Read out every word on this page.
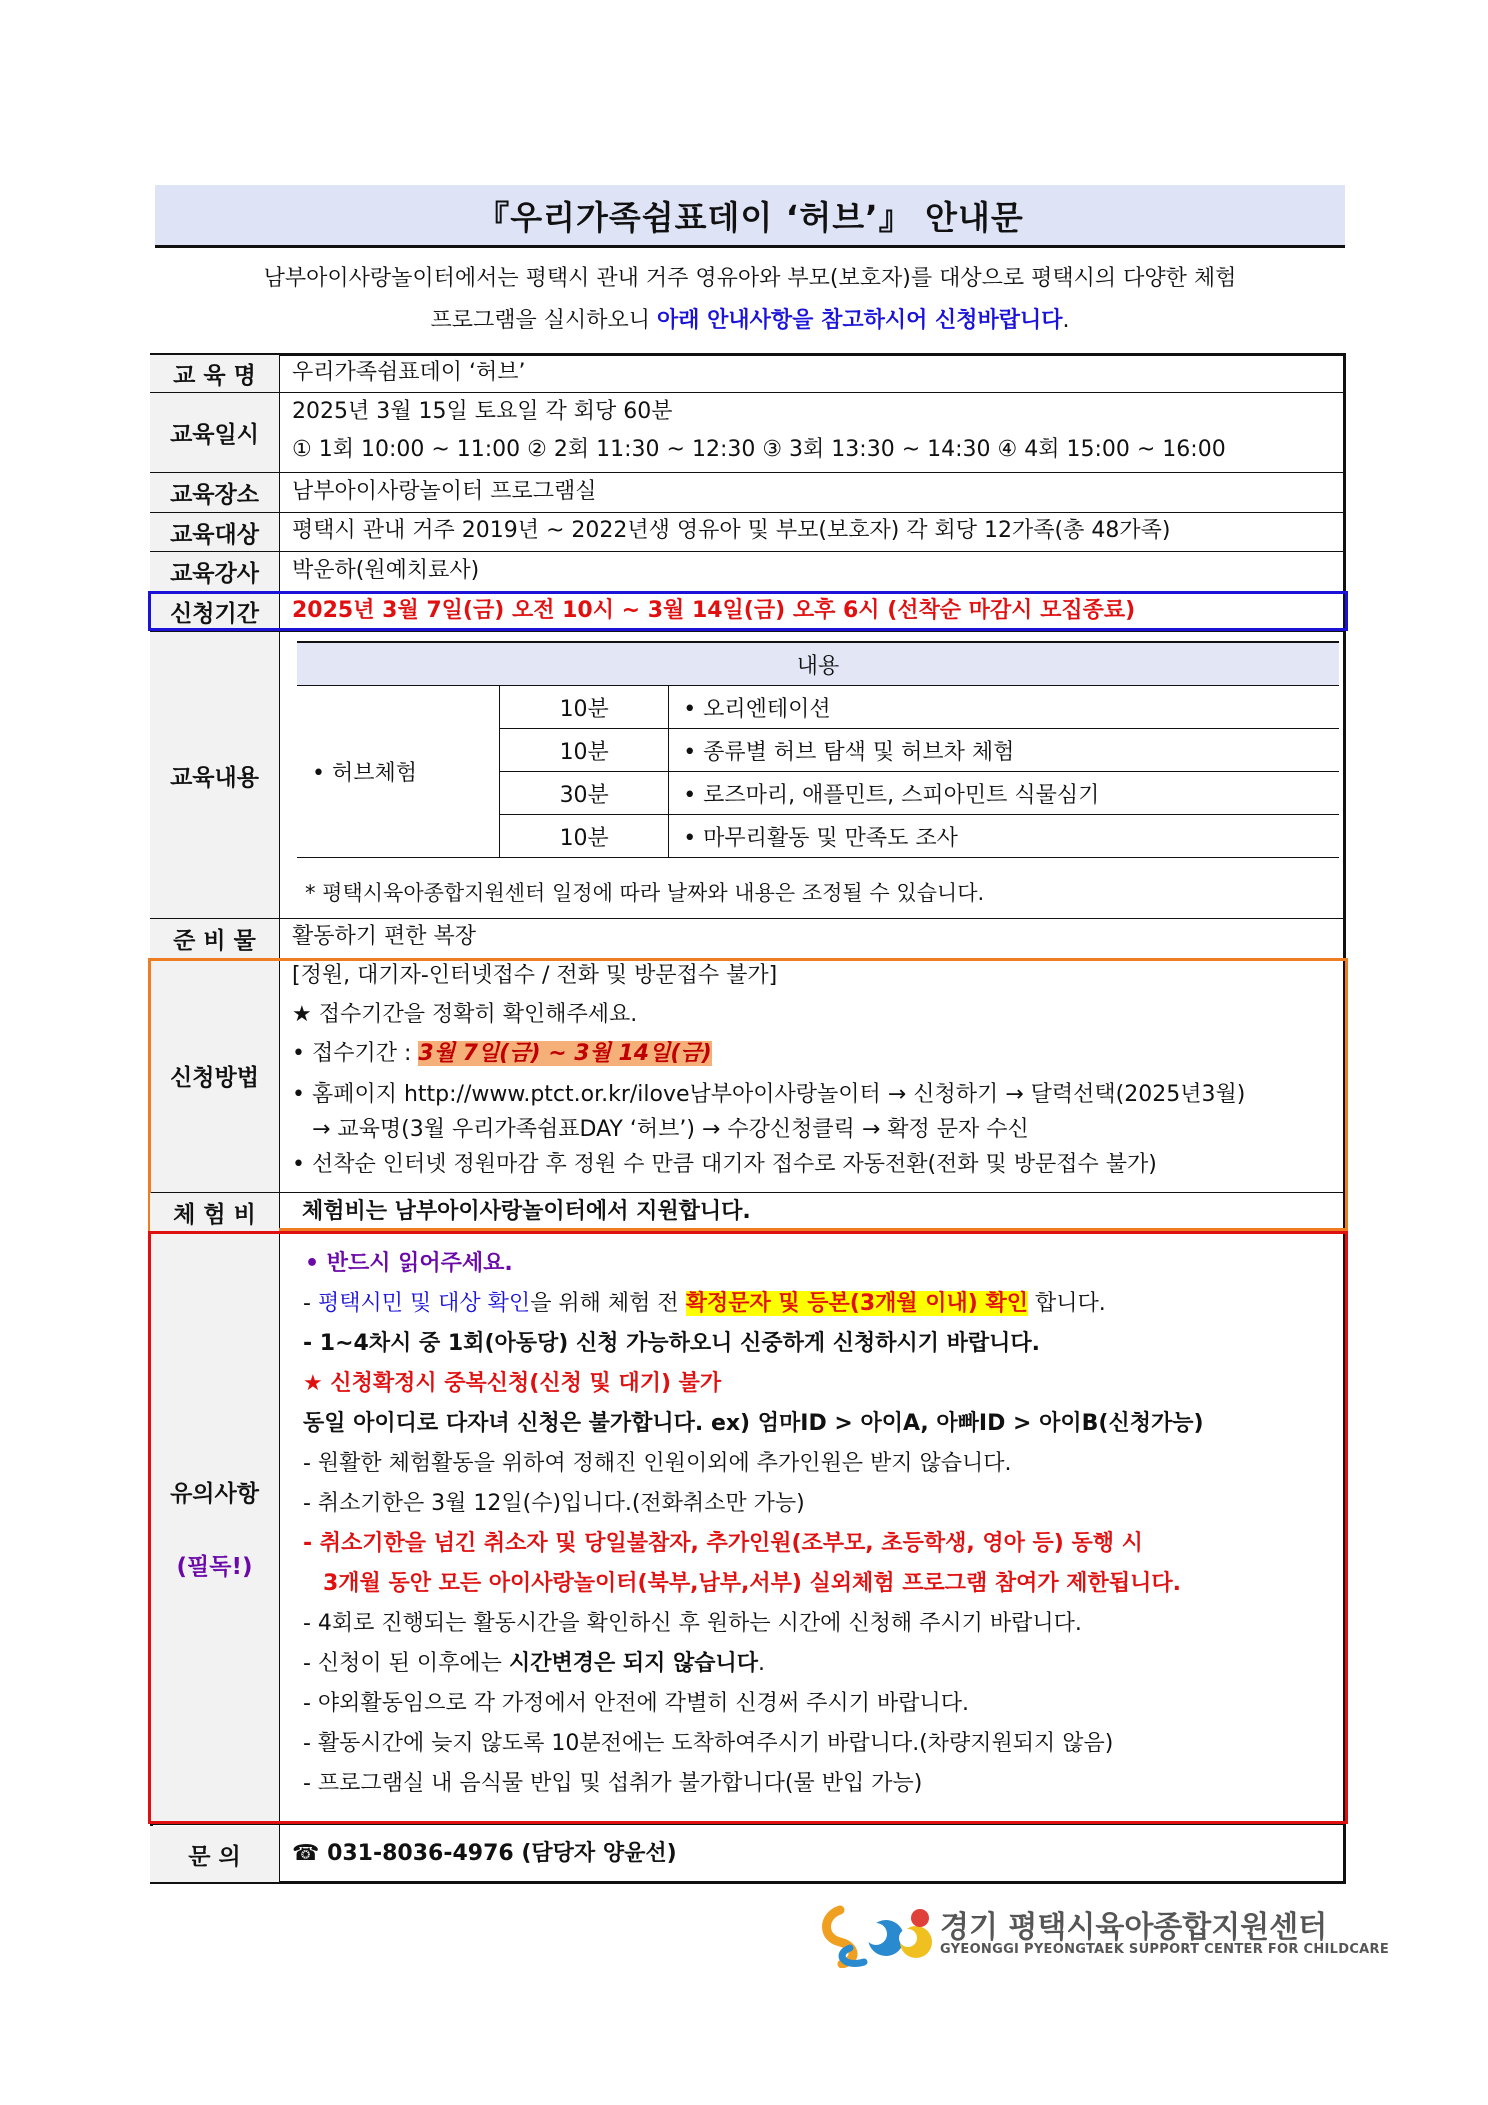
『우리가족쉼표데이 ‘허브’』 안내문
남부아이사랑놀이터에서는 평택시 관내 거주 영유아와 부모(보호자)를 대상으로 평택시의 다양한 체험
프로그램을 실시하오니 아래 안내사항을 참고하시어 신청바랍니다.
교 육 명	우리가족쉼표데이 ‘허브’
교육일시
2025년 3월 15일 토요일 각 회당 60분
① 1회 10:00 ~ 11:00 ② 2회 11:30 ~ 12:30 ③ 3회 13:30 ~ 14:30 ④ 4회 15:00 ~ 16:00
교육장소	남부아이사랑놀이터 프로그램실
교육대상	평택시 관내 거주 2019년 ~ 2022년생 영유아 및 부모(보호자) 각 회당 12가족(총 48가족)
교육강사	박운하(원예치료사)
신청기간	2025년 3월 7일(금) 오전 10시 ~ 3월 14일(금) 오후 6시 (선착순 마감시 모집종료)
교육내용
내용		
• 허브체험	10분	• 오리엔테이션
	10분	• 종류별 허브 탐색 및 허브차 체험
	30분	• 로즈마리, 애플민트, 스피아민트 식물심기
	10분	• 마무리활동 및 만족도 조사
* 평택시육아종합지원센터 일정에 따라 날짜와 내용은 조정될 수 있습니다.
준 비 물	활동하기 편한 복장
신청방법
[정원, 대기자-인터넷접수 / 전화 및 방문접수 불가]
★ 접수기간을 정확히 확인해주세요.
• 접수기간 : 3월 7일(금) ~ 3월 14일(금)
• 홈페이지 http://www.ptct.or.kr/ilove남부아이사랑놀이터 → 신청하기 → 달력선택(2025년3월)
→ 교육명(3월 우리가족쉼표DAY ‘허브’) → 수강신청클릭 → 확정 문자 수신
• 선착순 인터넷 정원마감 후 정원 수 만큼 대기자 접수로 자동전환(전화 및 방문접수 불가)
체 험 비	체험비는 남부아이사랑놀이터에서 지원합니다.
유의사항
(필독!)
• 반드시 읽어주세요.
- 평택시민 및 대상 확인을 위해 체험 전 확정문자 및 등본(3개월 이내) 확인 합니다.
- 1~4차시 중 1회(아동당) 신청 가능하오니 신중하게 신청하시기 바랍니다.
★ 신청확정시 중복신청(신청 및 대기) 불가
동일 아이디로 다자녀 신청은 불가합니다. ex) 엄마ID > 아이A, 아빠ID > 아이B(신청가능)
- 원활한 체험활동을 위하여 정해진 인원이외에 추가인원은 받지 않습니다.
- 취소기한은 3월 12일(수)입니다.(전화취소만 가능)
- 취소기한을 넘긴 취소자 및 당일불참자, 추가인원(조부모, 초등학생, 영아 등) 동행 시
3개월 동안 모든 아이사랑놀이터(북부,남부,서부) 실외체험 프로그램 참여가 제한됩니다.
- 4회로 진행되는 활동시간을 확인하신 후 원하는 시간에 신청해 주시기 바랍니다.
- 신청이 된 이후에는 시간변경은 되지 않습니다.
- 야외활동임으로 각 가정에서 안전에 각별히 신경써 주시기 바랍니다.
- 활동시간에 늦지 않도록 10분전에는 도착하여주시기 바랍니다.(차량지원되지 않음)
- 프로그램실 내 음식물 반입 및 섭취가 불가합니다(물 반입 가능)
문 의	☎ 031-8036-4976 (담당자 양윤선)
경기 평택시육아종합지원센터
GYEONGGI PYEONGTAEK SUPPORT CENTER FOR CHILDCARE
